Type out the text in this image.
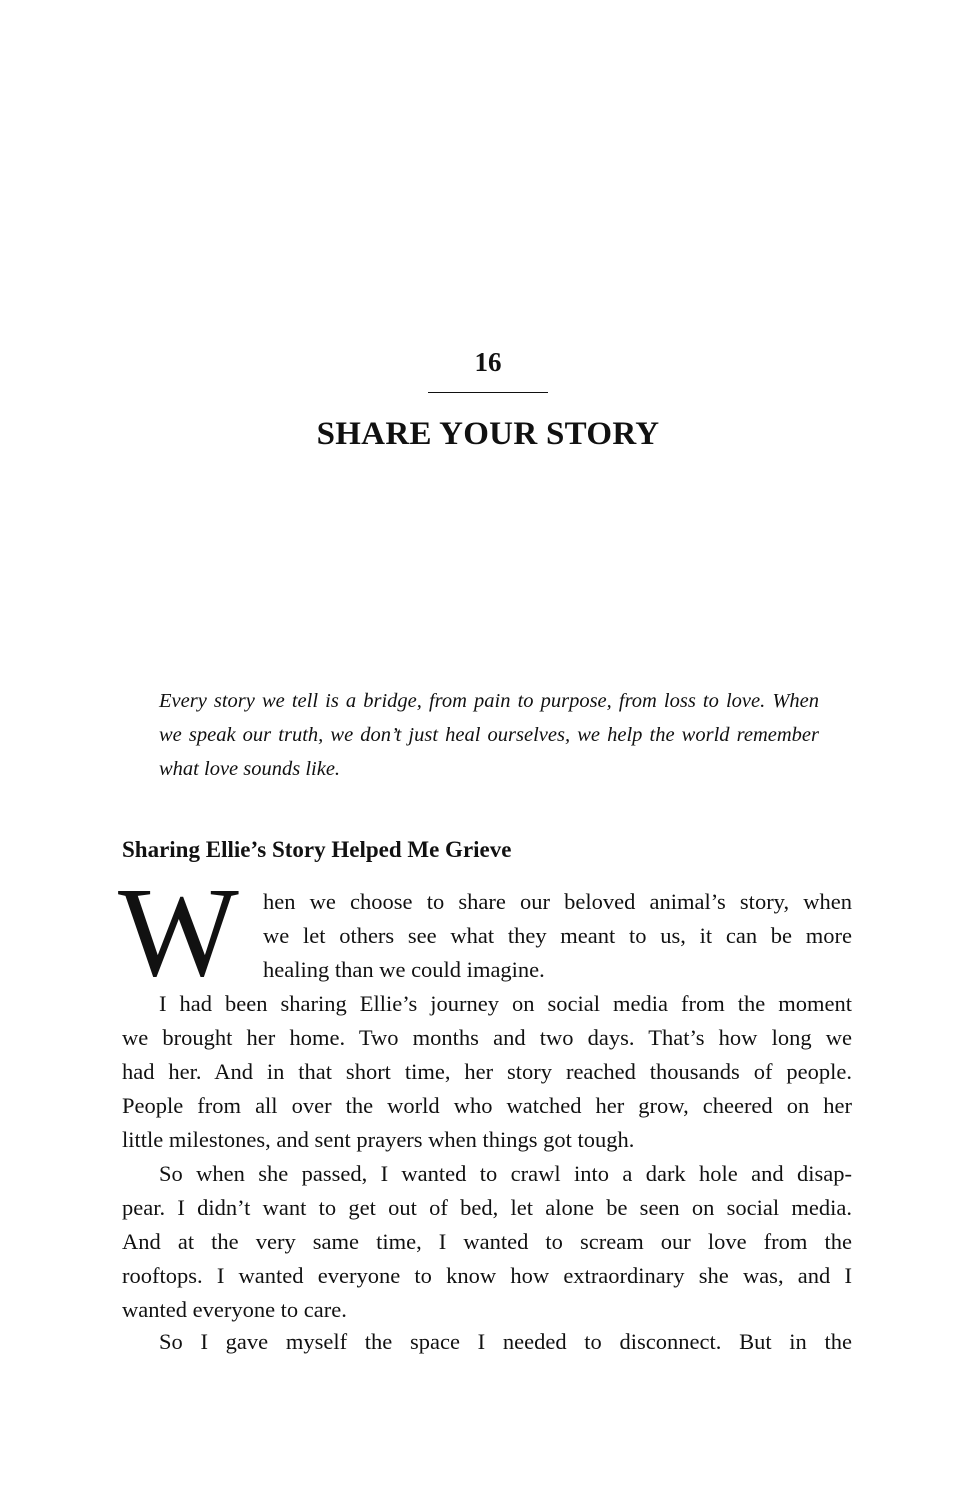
16
SHARE YOUR STORY
Every story we tell is a bridge, from pain to purpose, from loss to love. When
we speak our truth, we don’t just heal ourselves, we help the world remember
what love sounds like.
Sharing Ellie’s Story Helped Me Grieve
W hen we choose to share our beloved animal’s story, when
we let others see what they meant to us, it can be more
healing than we could imagine.
I had been sharing Ellie’s journey on social media from the moment
we brought her home. Two months and two days. That’s how long we
had her. And in that short time, her story reached thousands of people.
People from all over the world who watched her grow, cheered on her
little milestones, and sent prayers when things got tough.
So when she passed, I wanted to crawl into a dark hole and disap-
pear. I didn’t want to get out of bed, let alone be seen on social media.
And at the very same time, I wanted to scream our love from the
rooftops. I wanted everyone to know how extraordinary she was, and I
wanted everyone to care.
So I gave myself the space I needed to disconnect. But in the
